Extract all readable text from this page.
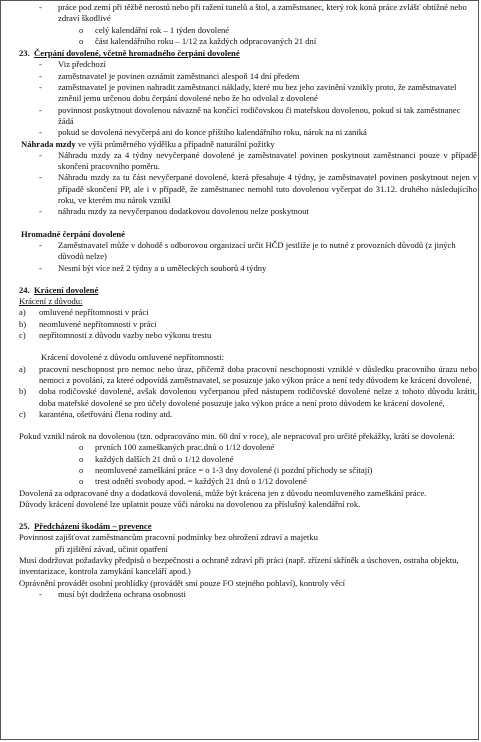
- práce pod zemí při těžbě nerostů nebo při ražení tunelů a štol, a zaměstnanec, který rok koná práce zvlášť obtížné nebo zdraví škodlivé
o celý kalendářní rok – 1 týden dovolené
o část kalendářního roku – 1/12 za každých odpracovaných 21 dní
23. Čerpání dovolené, včetně hromadného čerpání dovolené
- Viz předchozí
- zaměstnavatel je povinen oznámit zaměstnanci alespoň 14 dní předem
- zaměstnavatel je povinen nahradit zaměstnanci náklady, které mu bez jeho zavinění vznikly proto, že zaměstnavatel změnil jemu určenou dobu čerpání dovolené nebo že ho odvolal z dovolené
- povinnost poskytnout dovolenou návazně na končící rodičovskou či mateřskou dovolenou, pokud si tak zaměstnanec žádá
- pokud se dovolená nevyčerpá ani do konce příštího kalendářního roku, nárok na ni zaniká
Náhrada mzdy ve výši průměrného výdělku a případně naturální požitky
- Náhradu mzdy za 4 týdny nevyčerpané dovolené je zaměstnavatel povinen poskytnout zaměstnanci pouze v případě skončení pracovního poměru.
- Náhradu mzdy za tu část nevyčerpané dovolené, která přesahuje 4 týdny, je zaměstnavatel povinen poskytnout nejen v případě skončení PP, ale i v případě, že zaměstnanec nemohl tuto dovolenou vyčerpat do 31.12. druhého následujícího roku, ve kterém mu nárok vznikl
- náhradu mzdy za nevyčerpanou dodatkovou dovolenou nelze poskytnout
Hromadné čerpání dovolené
- Zaměstnavatel může v dohodě s odborovou organizací určit HČD jestliže je to nutné z provozních důvodů (z jiných důvodů nelze)
- Nesmí být více než 2 týdny a u uměleckých souborů 4 týdny
24. Krácení dovolené
Krácení z důvodu:
a) omluvené nepřítomnosti v práci
b) neomluvené nepřítomnosti v práci
c) nepřítomnosti z důvodu vazby nebo výkonu trestu
Krácení dovolené z důvodu omluvené nepřítomnosti:
a) pracovní neschopnost pro nemoc nebo úraz, přičemž doba pracovní neschopnosti vzniklé v důsledku pracovního úrazu nebo nemoci z povolání, za které odpovídá zaměstnavatel, se posuzuje jako výkon práce a není tedy důvodem ke krácení dovolené,
b) doba rodičovské dovolené, avšak dovolenou vyčerpanou před nástupem rodičovské dovolené nelze z tohoto důvodu krátit, doba mateřské dovolené se pro účely dovolené posuzuje jako výkon práce a není proto důvodem ke krácení dovolené,
c) karanténa, ošetřování člena rodiny atd.
Pokud vznikl nárok na dovolenou (tzn. odpracováno min. 60 dní v roce), ale nepracoval pro určité překážky, krátí se dovolená:
o prvních 100 zameškaných prac.dnů o 1/12 dovolené
o každých dalších 21 dnů o 1/12 dovolené
o neomluvené zameškání práce = o 1-3 dny dovolené (i pozdní příchody se sčítají)
o trest odnětí svobody apod. = každých 21 dnů o 1/12 dovolené
Dovolená za odpracované dny a dodatková dovolená, může být krácena jen z důvodu neomluveného zameškání práce.
Důvody krácení dovolené lze uplatnit pouze vůči nároku na dovolenou za příslušný kalendářní rok.
25. Předcházení škodám – prevence
Povinnost zajišťovat zaměstnancům pracovní podmínky bez ohrožení zdraví a majetku
při zjištění závad, učinit opatření
Musí dodržovat požadavky předpisů o bezpečnosti a ochraně zdraví při práci (např. zřízení skříněk a úschoven, ostraha objektu, inventarizace, kontrola zamykání kanceláří apod.)
Oprávnění provádět osobní prohlídky (provádět smí pouze FO stejného pohlaví), kontroly věcí
- musí být dodržena ochrana osobnosti
